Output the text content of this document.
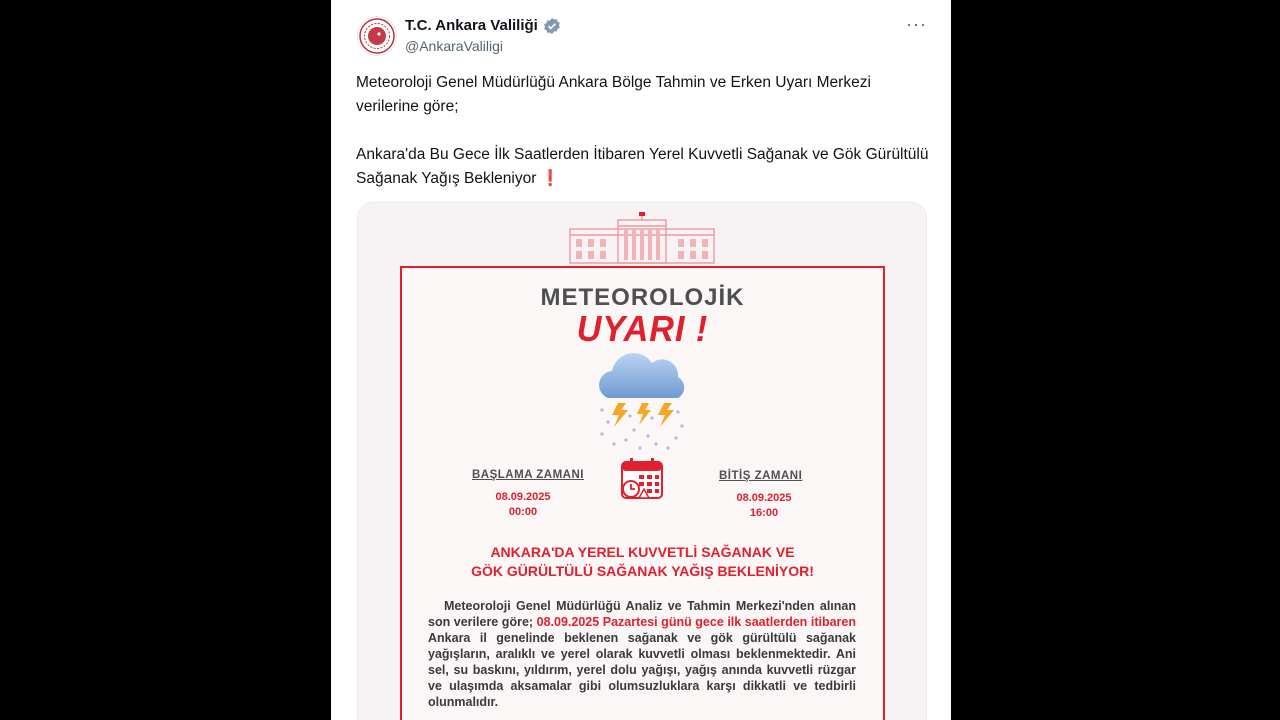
T.C. Ankara Valiliği
@AnkaraValiligi
···

Meteoroloji Genel Müdürlüğü Ankara Bölge Tahmin ve Erken Uyarı Merkezi verilerine göre;

Ankara'da Bu Gece İlk Saatlerden İtibaren Yerel Kuvvetli Sağanak ve Gök Gürültülü Sağanak Yağış Bekleniyor ❗

METEOROLOJİK
UYARI !
BAŞLAMA ZAMANI
08.09.2025
00:00
BİTİŞ ZAMANI
08.09.2025
16:00
ANKARA'DA YEREL KUVVETLİ SAĞANAK VE
GÖK GÜRÜLTÜLÜ SAĞANAK YAĞIŞ BEKLENİYOR!
Meteoroloji Genel Müdürlüğü Analiz ve Tahmin Merkezi'nden alınan son verilere göre; 08.09.2025 Pazartesi günü gece ilk saatlerden itibaren Ankara il genelinde beklenen sağanak ve gök gürültülü sağanak yağışların, aralıklı ve yerel olarak kuvvetli olması beklenmektedir. Ani sel, su baskını, yıldırım, yerel dolu yağışı, yağış anında kuvvetli rüzgar ve ulaşımda aksamalar gibi olumsuzluklara karşı dikkatli ve tedbirli olunmalıdır.
